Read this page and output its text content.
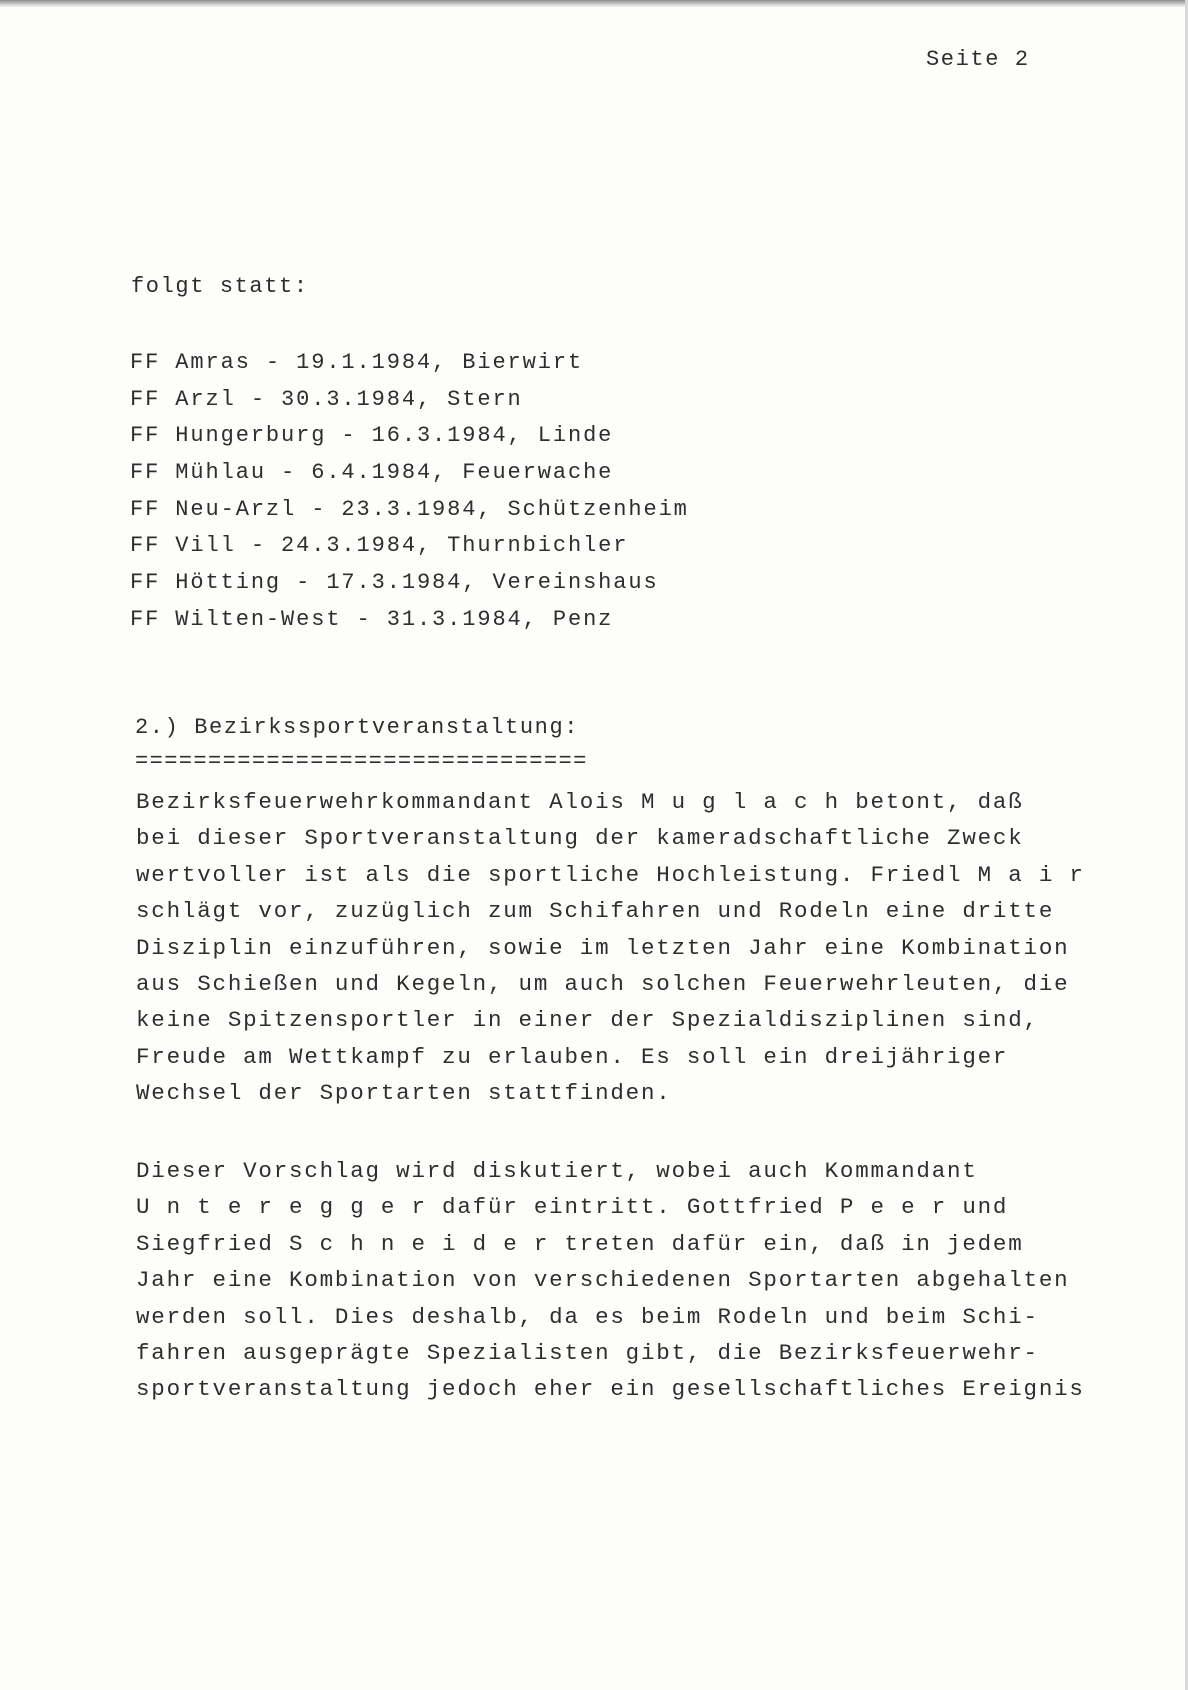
Seite 2
folgt statt:
FF Amras - 19.1.1984, Bierwirt
FF Arzl - 30.3.1984, Stern
FF Hungerburg - 16.3.1984, Linde
FF Mühlau - 6.4.1984, Feuerwache
FF Neu-Arzl - 23.3.1984, Schützenheim
FF Vill - 24.3.1984, Thurnbichler
FF Hötting - 17.3.1984, Vereinshaus
FF Wilten-West - 31.3.1984, Penz
2.) Bezirkssportveranstaltung:
===============================
Bezirksfeuerwehrkommandant Alois M u g l a c h betont, daß
bei dieser Sportveranstaltung der kameradschaftliche Zweck
wertvoller ist als die sportliche Hochleistung. Friedl M a i r
schlägt vor, zuzüglich zum Schifahren und Rodeln eine dritte
Disziplin einzuführen, sowie im letzten Jahr eine Kombination
aus Schießen und Kegeln, um auch solchen Feuerwehrleuten, die
keine Spitzensportler in einer der Spezialdisziplinen sind,
Freude am Wettkampf zu erlauben. Es soll ein dreijähriger
Wechsel der Sportarten stattfinden.
Dieser Vorschlag wird diskutiert, wobei auch Kommandant
U n t e r e g g e r dafür eintritt. Gottfried P e e r und
Siegfried S c h n e i d e r treten dafür ein, daß in jedem
Jahr eine Kombination von verschiedenen Sportarten abgehalten
werden soll. Dies deshalb, da es beim Rodeln und beim Schi-
fahren ausgeprägte Spezialisten gibt, die Bezirksfeuerwehr-
sportveranstaltung jedoch eher ein gesellschaftliches Ereignis
